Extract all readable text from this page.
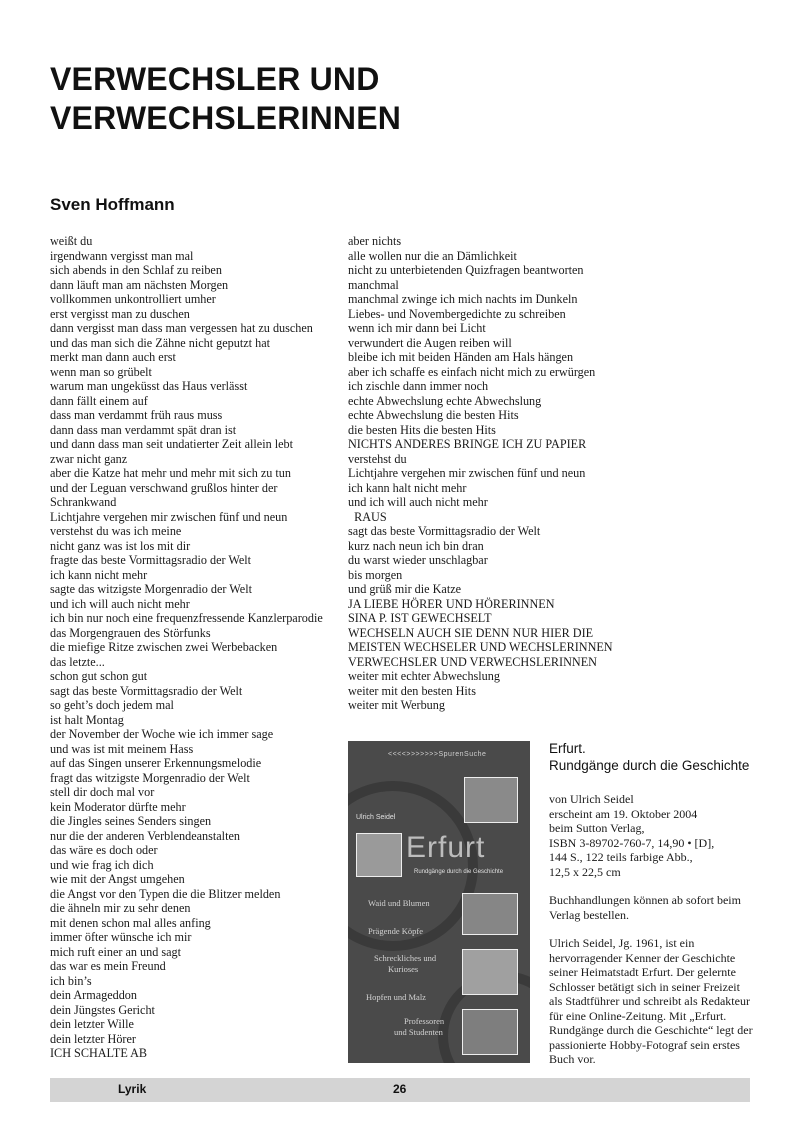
VERWECHSLER UND
VERWECHSLERINNEN
Sven Hoffmann
weißt du
irgendwann vergisst man mal
sich abends in den Schlaf zu reiben
dann läuft man am nächsten Morgen
vollkommen unkontrolliert umher
erst vergisst man zu duschen
dann vergisst man dass man vergessen hat zu duschen
und das man sich die Zähne nicht geputzt hat
merkt man dann auch erst
wenn man so grübelt
warum man ungeküsst das Haus verlässt
dann fällt einem auf
dass man verdammt früh raus muss
dann dass man verdammt spät dran ist
und dann dass man seit undatierter Zeit allein lebt
zwar nicht ganz
aber die Katze hat mehr und mehr mit sich zu tun
und der Leguan verschwand grußlos hinter der
Schrankwand
Lichtjahre vergehen mir zwischen fünf und neun
verstehst du was ich meine
nicht ganz was ist los mit dir
fragte das beste Vormittagsradio der Welt
ich kann nicht mehr
sagte das witzigste Morgenradio der Welt
und ich will auch nicht mehr
ich bin nur noch eine frequenzfressende Kanzlerparodie
das Morgengrauen des Störfunks
die miefige Ritze zwischen zwei Werbebacken
das letzte...
schon gut schon gut
sagt das beste Vormittagsradio der Welt
so geht’s doch jedem mal
ist halt Montag
der November der Woche wie ich immer sage
und was ist mit meinem Hass
auf das Singen unserer Erkennungsmelodie
fragt das witzigste Morgenradio der Welt
stell dir doch mal vor
kein Moderator dürfte mehr
die Jingles seines Senders singen
nur die der anderen Verblendeanstalten
das wäre es doch oder
und wie frag ich dich
wie mit der Angst umgehen
die Angst vor den Typen die die Blitzer melden
die ähneln mir zu sehr denen
mit denen schon mal alles anfing
immer öfter wünsche ich mir
mich ruft einer an und sagt
das war es mein Freund
ich bin’s
dein Armageddon
dein Jüngstes Gericht
dein letzter Wille
dein letzter Hörer
ICH SCHALTE AB
aber nichts
alle wollen nur die an Dämlichkeit
nicht zu unterbietenden Quizfragen beantworten
manchmal
manchmal zwinge ich mich nachts im Dunkeln
Liebes- und Novembergedichte zu schreiben
wenn ich mir dann bei Licht
verwundert die Augen reiben will
bleibe ich mit beiden Händen am Hals hängen
aber ich schaffe es einfach nicht mich zu erwürgen
ich zischle dann immer noch
echte Abwechslung echte Abwechslung
echte Abwechslung die besten Hits
die besten Hits die besten Hits
NICHTS ANDERES BRINGE ICH ZU PAPIER
verstehst du
Lichtjahre vergehen mir zwischen fünf und neun
ich kann halt nicht mehr
und ich will auch nicht mehr
RAUS
sagt das beste Vormittagsradio der Welt
kurz nach neun ich bin dran
du warst wieder unschlagbar
bis morgen
und grüß mir die Katze
JA LIEBE HÖRER UND HÖRERINNEN
SINA P. IST GEWECHSELT
WECHSELN AUCH SIE DENN NUR HIER DIE
MEISTEN WECHSELER UND WECHSLERINNEN
VERWECHSLER UND VERWECHSLERINNEN
weiter mit echter Abwechslung
weiter mit den besten Hits
weiter mit Werbung
<<<<>>>>>>>SpurenSuche
Ulrich Seidel
Erfurt
Rundgänge durch die Geschichte
Waid und Blumen
Prägende Köpfe
Schreckliches und
Kurioses
Hopfen und Malz
Professoren
und Studenten
Erfurt.
Rundgänge durch die Geschichte
von Ulrich Seidel
erscheint am 19. Oktober 2004
beim Sutton Verlag,
ISBN 3-89702-760-7, 14,90 • [D],
144 S., 122 teils farbige Abb.,
12,5 x 22,5 cm
Buchhandlungen können ab sofort beim
Verlag bestellen.
Ulrich Seidel, Jg. 1961, ist ein
hervorragender Kenner der Geschichte
seiner Heimatstadt Erfurt. Der gelernte
Schlosser betätigt sich in seiner Freizeit
als Stadtführer und schreibt als Redakteur
für eine Online-Zeitung. Mit „Erfurt.
Rundgänge durch die Geschichte“ legt der
passionierte Hobby-Fotograf sein erstes
Buch vor.
Lyrik	26
